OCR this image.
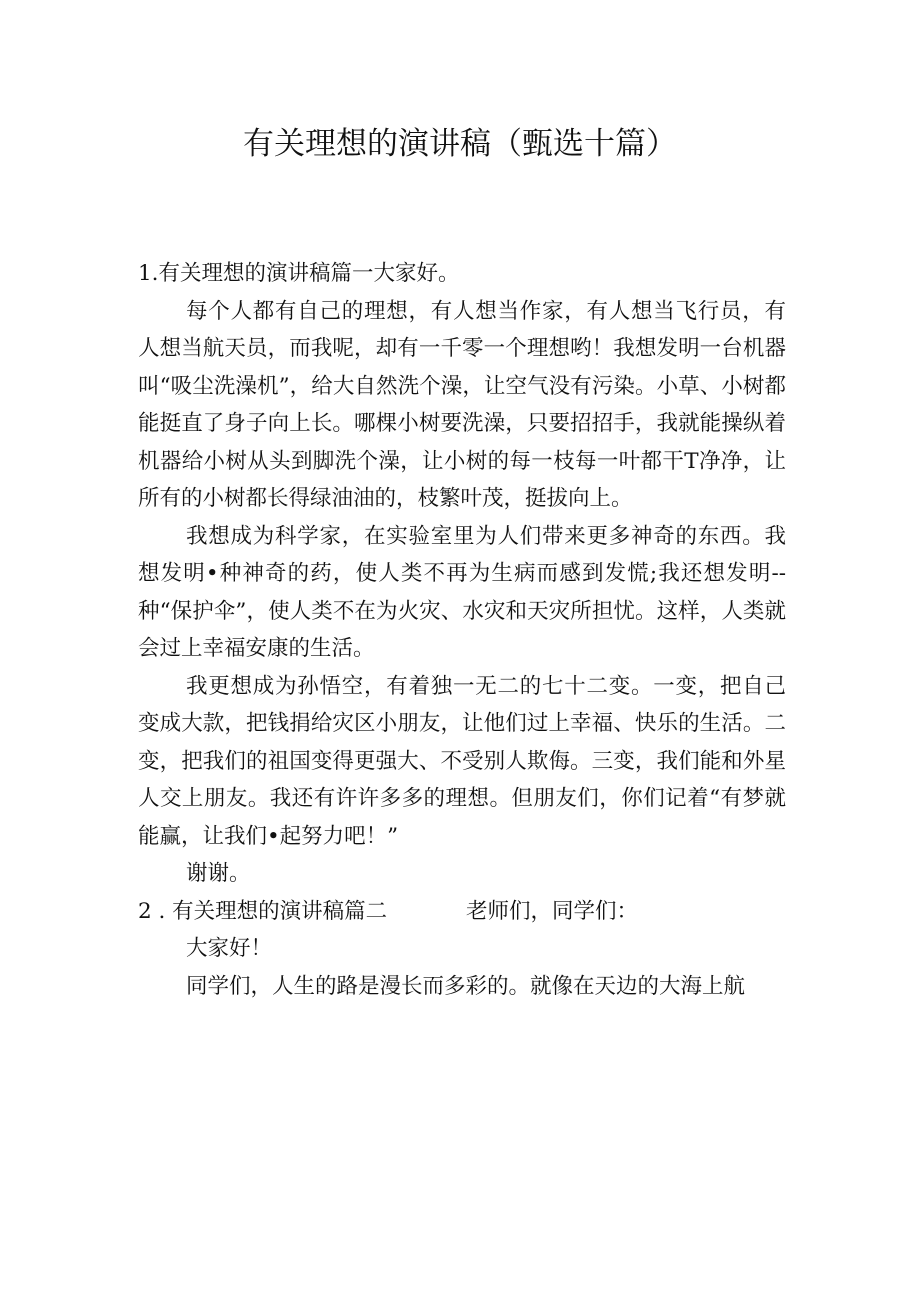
有关理想的演讲稿（甄选十篇）

1.有关理想的演讲稿篇一大家好。

每个人都有自己的理想，有人想当作家，有人想当飞行员，有人想当航天员，而我呢，却有一千零一个理想哟！我想发明一台机器叫“吸尘洗澡机”，给大自然洗个澡，让空气没有污染。小草、小树都能挺直了身子向上长。哪棵小树要洗澡，只要招招手，我就能操纵着机器给小树从头到脚洗个澡，让小树的每一枝每一叶都干T净净，让所有的小树都长得绿油油的，枝繁叶茂，挺拔向上。

我想成为科学家，在实验室里为人们带来更多神奇的东西。我想发明•种神奇的药，使人类不再为生病而感到发慌;我还想发明--种“保护伞”，使人类不在为火灾、水灾和天灾所担忧。这样，人类就会过上幸福安康的生活。

我更想成为孙悟空，有着独一无二的七十二变。一变，把自己变成大款，把钱捐给灾区小朋友，让他们过上幸福、快乐的生活。二变，把我们的祖国变得更强大、不受别人欺侮。三变，我们能和外星人交上朋友。我还有许许多多的理想。但朋友们，你们记着“有梦就能赢，让我们•起努力吧！”

谢谢。

2 . 有关理想的演讲稿篇二	老师们，同学们：

大家好！

同学们，人生的路是漫长而多彩的。就像在天边的大海上航
